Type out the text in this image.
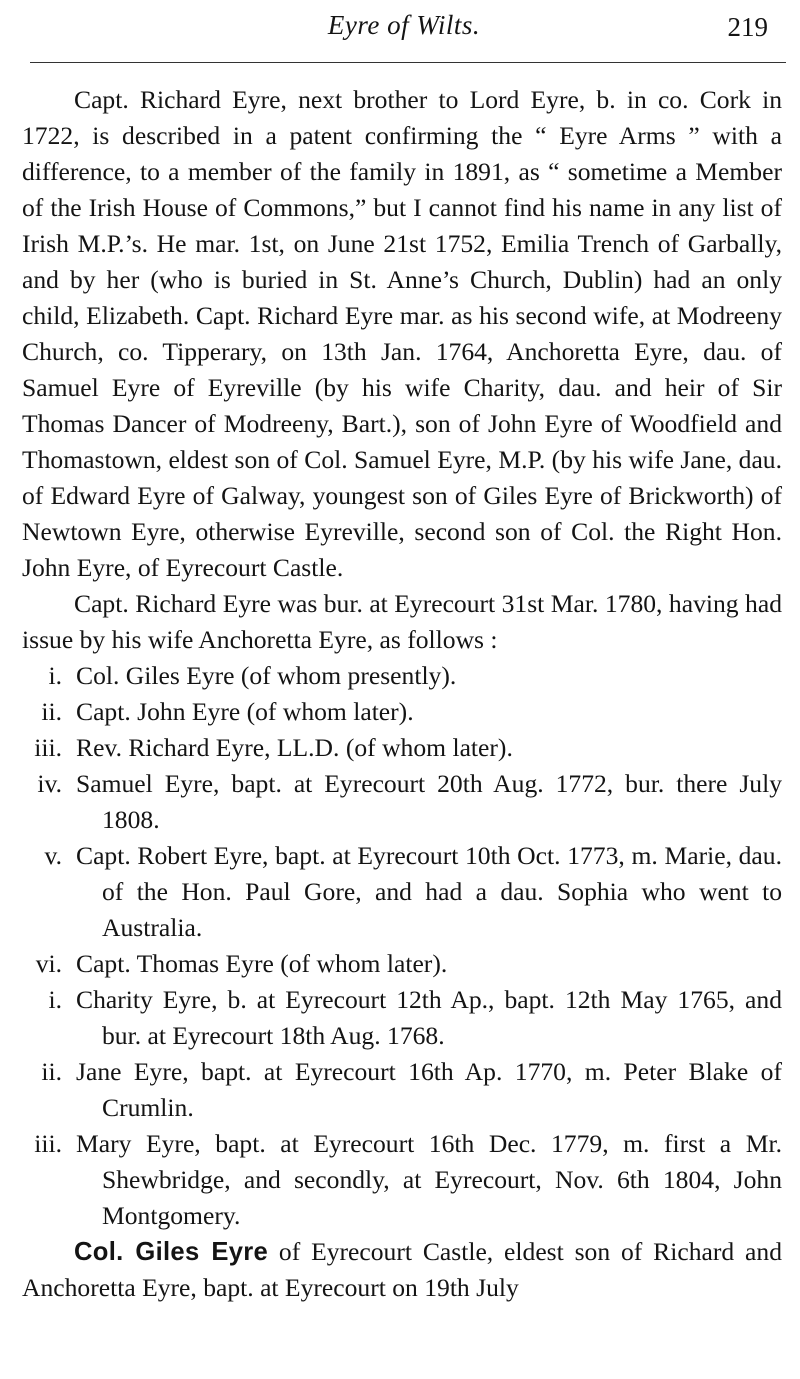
Eyre of Wilts.	219

Capt. Richard Eyre, next brother to Lord Eyre, b. in co. Cork in 1722, is described in a patent confirming the “ Eyre Arms ” with a difference, to a member of the family in 1891, as “ sometime a Member of the Irish House of Commons,” but I cannot find his name in any list of Irish M.P.’s. He mar. 1st, on June 21st 1752, Emilia Trench of Garbally, and by her (who is buried in St. Anne’s Church, Dublin) had an only child, Elizabeth. Capt. Richard Eyre mar. as his second wife, at Modreeny Church, co. Tipperary, on 13th Jan. 1764, Anchoretta Eyre, dau. of Samuel Eyre of Eyreville (by his wife Charity, dau. and heir of Sir Thomas Dancer of Modreeny, Bart.), son of John Eyre of Woodfield and Thomastown, eldest son of Col. Samuel Eyre, M.P. (by his wife Jane, dau. of Edward Eyre of Galway, youngest son of Giles Eyre of Brickworth) of Newtown Eyre, otherwise Eyreville, second son of Col. the Right Hon. John Eyre, of Eyrecourt Castle.

Capt. Richard Eyre was bur. at Eyrecourt 31st Mar. 1780, having had issue by his wife Anchoretta Eyre, as follows :

i. Col. Giles Eyre (of whom presently).
ii. Capt. John Eyre (of whom later).
iii. Rev. Richard Eyre, LL.D. (of whom later).
iv. Samuel Eyre, bapt. at Eyrecourt 20th Aug. 1772, bur. there July 1808.
v. Capt. Robert Eyre, bapt. at Eyrecourt 10th Oct. 1773, m. Marie, dau. of the Hon. Paul Gore, and had a dau. Sophia who went to Australia.
vi. Capt. Thomas Eyre (of whom later).
i. Charity Eyre, b. at Eyrecourt 12th Ap., bapt. 12th May 1765, and bur. at Eyrecourt 18th Aug. 1768.
ii. Jane Eyre, bapt. at Eyrecourt 16th Ap. 1770, m. Peter Blake of Crumlin.
iii. Mary Eyre, bapt. at Eyrecourt 16th Dec. 1779, m. first a Mr. Shewbridge, and secondly, at Eyrecourt, Nov. 6th 1804, John Montgomery.

Col. Giles Eyre of Eyrecourt Castle, eldest son of Richard and Anchoretta Eyre, bapt. at Eyrecourt on 19th July
